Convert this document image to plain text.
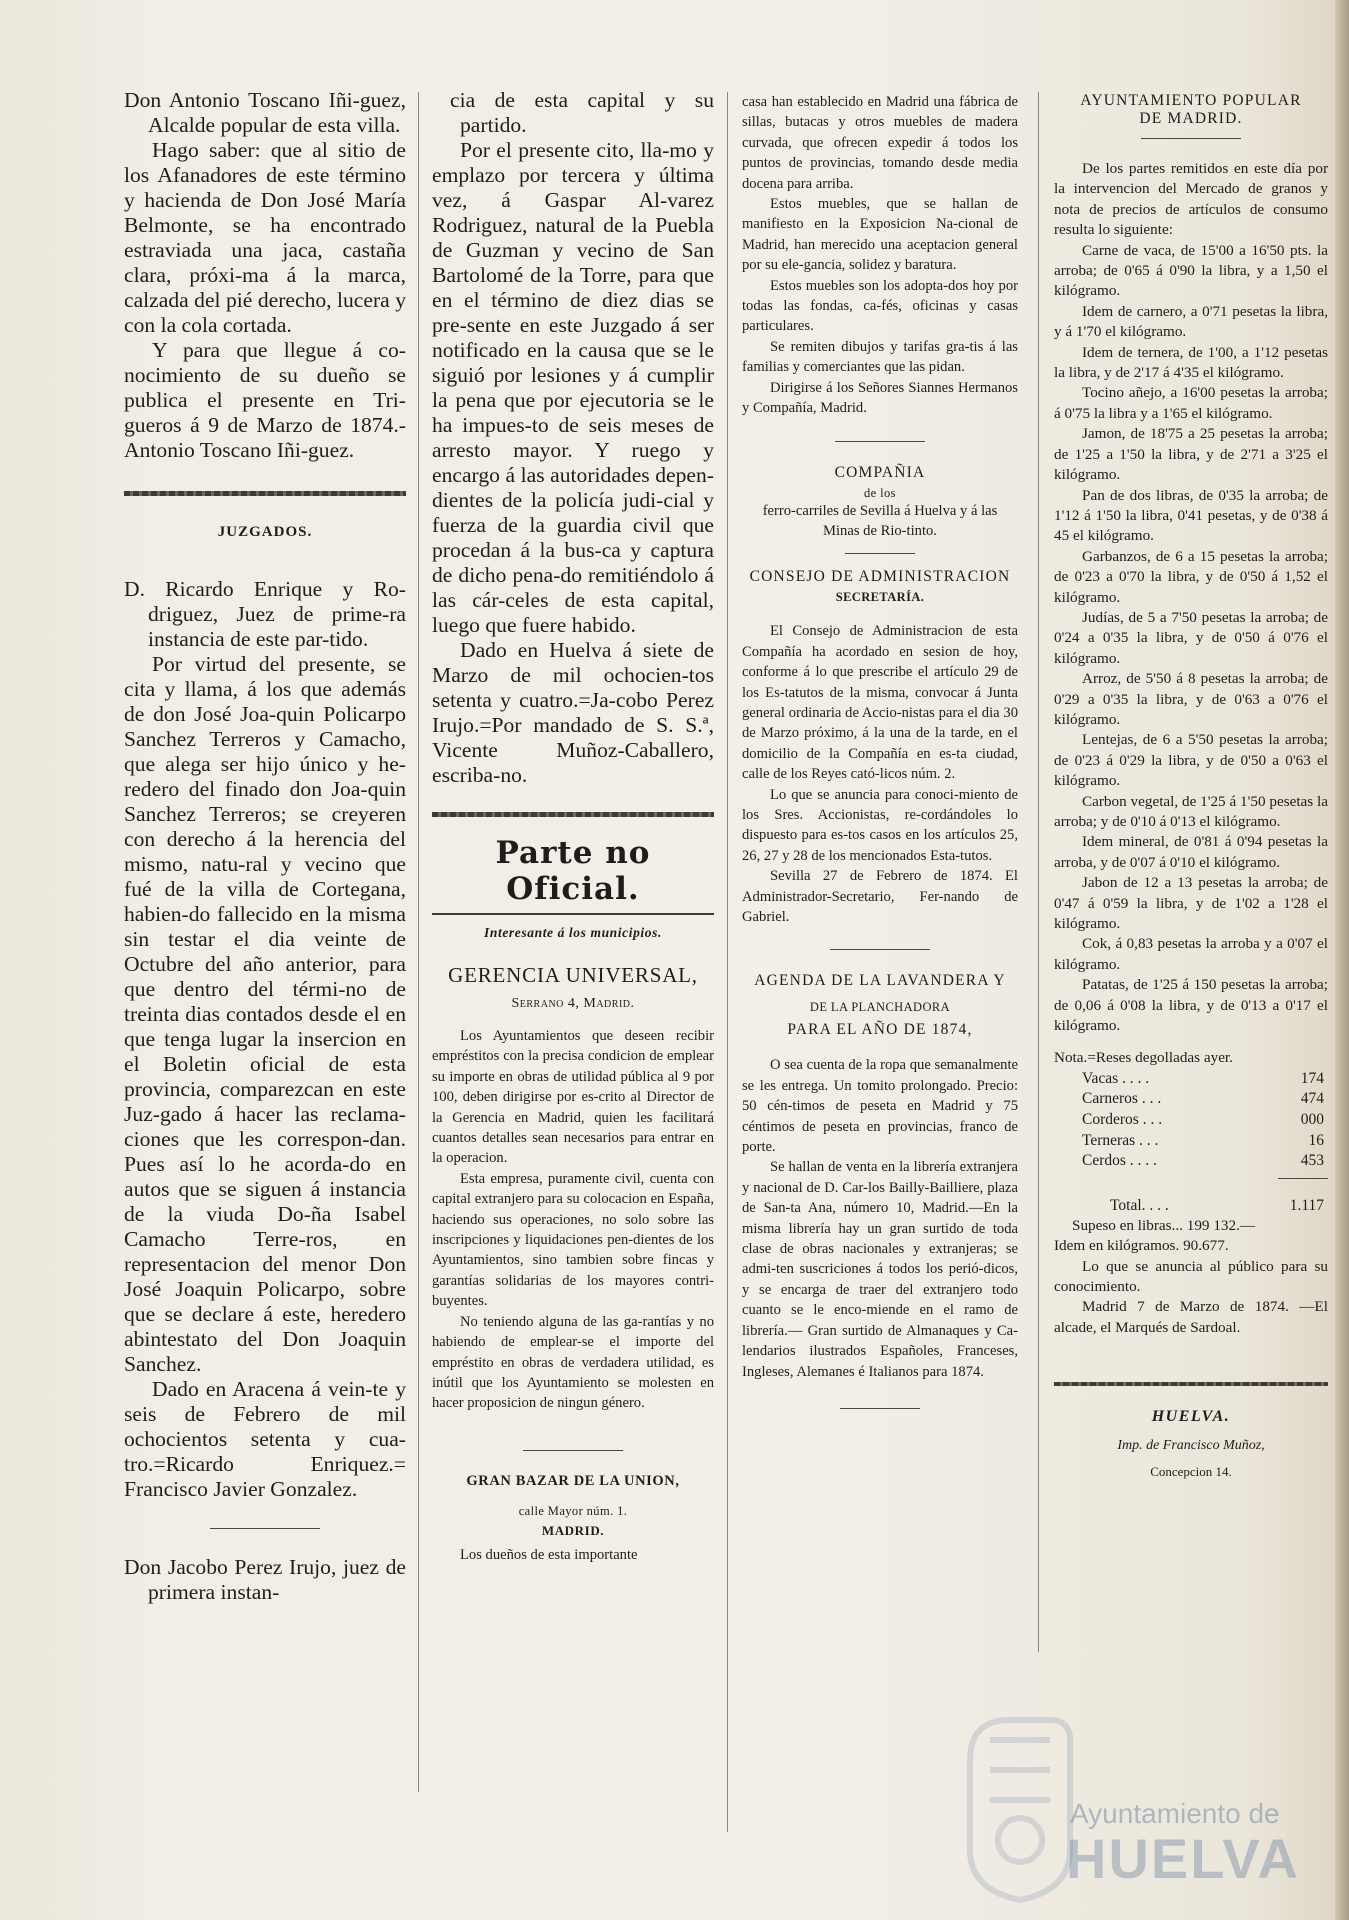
Don Antonio Toscano Iñi-guez, Alcalde popular de esta villa.

Hago saber: que al sitio de los Afanadores de este término y hacienda de Don José María Belmonte, se ha encontrado estraviada una jaca, castaña clara, próxi-ma á la marca, calzada del pié derecho, lucera y con la cola cortada.

Y para que llegue á co-nocimiento de su dueño se publica el presente en Tri-gueros á 9 de Marzo de 1874.-Antonio Toscano Iñi-guez.

JUZGADOS.

D. Ricardo Enrique y Ro-driguez, Juez de prime-ra instancia de este par-tido.

Por virtud del presente, se cita y llama, á los que además de don José Joa-quin Policarpo Sanchez Terreros y Camacho, que alega ser hijo único y he-redero del finado don Joa-quin Sanchez Terreros; se creyeren con derecho á la herencia del mismo, natu-ral y vecino que fué de la villa de Cortegana, habien-do fallecido en la misma sin testar el dia veinte de Octubre del año anterior, para que dentro del térmi-no de treinta dias contados desde el en que tenga lugar la insercion en el Boletin oficial de esta provincia, comparezcan en este Juz-gado á hacer las reclama-ciones que les correspon-dan. Pues así lo he acorda-do en autos que se siguen á instancia de la viuda Do-ña Isabel Camacho Terre-ros, en representacion del menor Don José Joaquin Policarpo, sobre que se declare á este, heredero abintestato del Don Joaquin Sanchez.

Dado en Aracena á vein-te y seis de Febrero de mil ochocientos setenta y cua-tro.=Ricardo Enriquez.= Francisco Javier Gonzalez.

Don Jacobo Perez Irujo, juez de primera instan-

cia de esta capital y su partido.

Por el presente cito, lla-mo y emplazo por tercera y última vez, á Gaspar Al-varez Rodriguez, natural de la Puebla de Guzman y vecino de San Bartolomé de la Torre, para que en el término de diez dias se pre-sente en este Juzgado á ser notificado en la causa que se le siguió por lesiones y á cumplir la pena que por ejecutoria se le ha impues-to de seis meses de arresto mayor. Y ruego y encargo á las autoridades depen-dientes de la policía judi-cial y fuerza de la guardia civil que procedan á la bus-ca y captura de dicho pena-do remitiéndolo á las cár-celes de esta capital, luego que fuere habido.

Dado en Huelva á siete de Marzo de mil ochocien-tos setenta y cuatro.=Ja-cobo Perez Irujo.=Por mandado de S. S.ª, Vicente Muñoz-Caballero, escriba-no.

Parte no Oficial.

Interesante á los municipios.

GERENCIA UNIVERSAL,

Serrano 4, Madrid.

Los Ayuntamientos que deseen recibir empréstitos con la precisa condicion de emplear su importe en obras de utilidad pública al 9 por 100, deben dirigirse por es-crito al Director de la Gerencia en Madrid, quien les facilitará cuantos detalles sean necesarios para entrar en la operacion.

Esta empresa, puramente civil, cuenta con capital extranjero para su colocacion en España, haciendo sus operaciones, no solo sobre las inscripciones y liquidaciones pen-dientes de los Ayuntamientos, sino tambien sobre fincas y garantías solidarias de los mayores contri-buyentes.

No teniendo alguna de las ga-rantías y no habiendo de emplear-se el importe del empréstito en obras de verdadera utilidad, es inútil que los Ayuntamiento se molesten en hacer proposicion de ningun género.

GRAN BAZAR DE LA UNION,

calle Mayor núm. 1.

MADRID.

Los dueños de esta importante

casa han establecido en Madrid una fábrica de sillas, butacas y otros muebles de madera curvada, que ofrecen expedir á todos los puntos de provincias, tomando desde media docena para arriba.

Estos muebles, que se hallan de manifiesto en la Exposicion Na-cional de Madrid, han merecido una aceptacion general por su ele-gancia, solidez y baratura.

Estos muebles son los adopta-dos hoy por todas las fondas, ca-fés, oficinas y casas particulares.

Se remiten dibujos y tarifas gra-tis á las familias y comerciantes que las pidan.

Dirigirse á los Señores Siannes Hermanos y Compañía, Madrid.

COMPAÑIA

de los

ferro-carriles de Sevilla á Huelva y á las Minas de Rio-tinto.

CONSEJO DE ADMINISTRACION

SECRETARÍA.

El Consejo de Administracion de esta Compañía ha acordado en sesion de hoy, conforme á lo que prescribe el artículo 29 de los Es-tatutos de la misma, convocar á Junta general ordinaria de Accio-nistas para el dia 30 de Marzo próximo, á la una de la tarde, en el domicilio de la Compañía en es-ta ciudad, calle de los Reyes cató-licos núm. 2.

Lo que se anuncia para conoci-miento de los Sres. Accionistas, re-cordándoles lo dispuesto para es-tos casos en los artículos 25, 26, 27 y 28 de los mencionados Esta-tutos.

Sevilla 27 de Febrero de 1874. El Administrador-Secretario, Fer-nando de Gabriel.

AGENDA DE LA LAVANDERA Y

DE LA PLANCHADORA

PARA EL AÑO DE 1874,

O sea cuenta de la ropa que semanalmente se les entrega. Un tomito prolongado. Precio: 50 cén-timos de peseta en Madrid y 75 céntimos de peseta en provincias, franco de porte.

Se hallan de venta en la librería extranjera y nacional de D. Car-los Bailly-Bailliere, plaza de San-ta Ana, número 10, Madrid.—En la misma librería hay un gran surtido de toda clase de obras nacionales y extranjeras; se admi-ten suscriciones á todos los perió-dicos, y se encarga de traer del extranjero todo cuanto se le enco-miende en el ramo de librería.— Gran surtido de Almanaques y Ca-lendarios ilustrados Españoles, Franceses, Ingleses, Alemanes é Italianos para 1874.

AYUNTAMIENTO POPULAR

DE MADRID.

De los partes remitidos en este día por la intervencion del Mercado de granos y nota de precios de artículos de consumo resulta lo siguiente:

Carne de vaca, de 15'00 a 16'50 pts. la arroba; de 0'65 á 0'90 la libra, y a 1,50 el kilógramo.

Idem de carnero, a 0'71 pesetas la libra, y á 1'70 el kilógramo.

Idem de ternera, de 1'00, a 1'12 pesetas la libra, y de 2'17 á 4'35 el kilógramo.

Tocino añejo, a 16'00 pesetas la arroba; á 0'75 la libra y a 1'65 el kilógramo.

Jamon, de 18'75 a 25 pesetas la arroba; de 1'25 a 1'50 la libra, y de 2'71 a 3'25 el kilógramo.

Pan de dos libras, de 0'35 la arroba; de 1'12 á 1'50 la libra, 0'41 pesetas, y de 0'38 á 45 el kilógramo.

Garbanzos, de 6 a 15 pesetas la arroba; de 0'23 a 0'70 la libra, y de 0'50 á 1,52 el kilógramo.

Judías, de 5 a 7'50 pesetas la arroba; de 0'24 a 0'35 la libra, y de 0'50 á 0'76 el kilógramo.

Arroz, de 5'50 á 8 pesetas la arroba; de 0'29 a 0'35 la libra, y de 0'63 a 0'76 el kilógramo.

Lentejas, de 6 a 5'50 pesetas la arroba; de 0'23 á 0'29 la libra, y de 0'50 a 0'63 el kilógramo.

Carbon vegetal, de 1'25 á 1'50 pesetas la arroba; y de 0'10 á 0'13 el kilógramo.

Idem mineral, de 0'81 á 0'94 pesetas la arroba, y de 0'07 á 0'10 el kilógramo.

Jabon de 12 a 13 pesetas la arroba; de 0'47 á 0'59 la libra, y de 1'02 a 1'28 el kilógramo.

Cok, á 0,83 pesetas la arroba y a 0'07 el kilógramo.

Patatas, de 1'25 á 150 pesetas la arroba; de 0,06 á 0'08 la libra, y de 0'13 a 0'17 el kilógramo.

Nota.=Reses degolladas ayer.

Vacas . . . .	174
Carneros . . .	474
Corderos . . .	000
Terneras . . .	16
Cerdos . . . .	453
Total. . . .	1.117

Supeso en libras... 199 132.—

Idem en kilógramos. 90.677.

Lo que se anuncia al público para su conocimiento.

Madrid 7 de Marzo de 1874. —El alcade, el Marqués de Sardoal.

HUELVA.

Imp. de Francisco Muñoz,

Concepcion 14.

Ayuntamiento de
HUELVA
